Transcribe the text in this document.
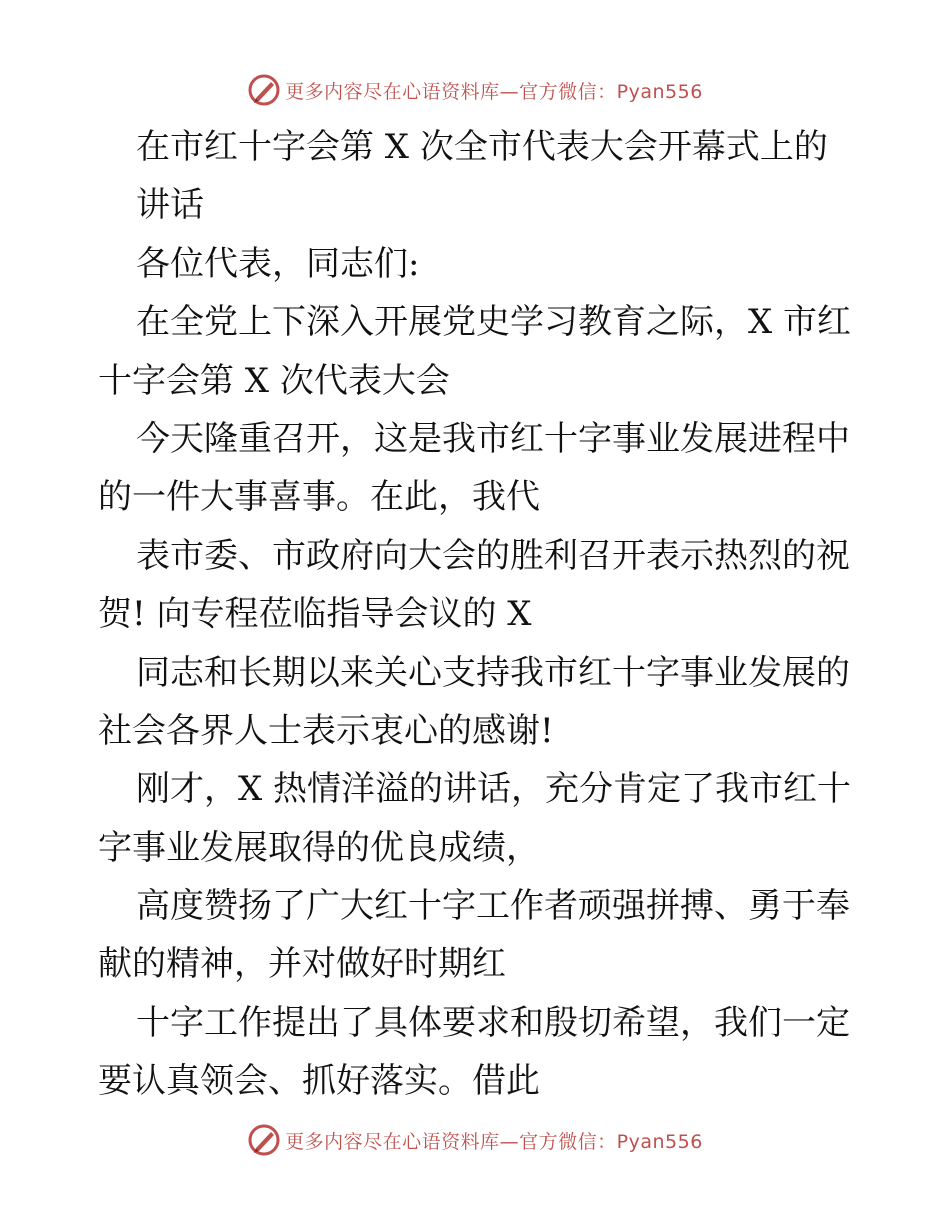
更多内容尽在心语资料库—官方微信：Pyan556
在市红十字会第 X 次全市代表大会开幕式上的
讲话
各位代表，同志们:
在全党上下深入开展党史学习教育之际，X 市红
十字会第 X 次代表大会
今天隆重召开，这是我市红十字事业发展进程中
的一件大事喜事。在此，我代
表市委、市政府向大会的胜利召开表示热烈的祝
贺! 向专程莅临指导会议的 X
同志和长期以来关心支持我市红十字事业发展的
社会各界人士表示衷心的感谢!
刚才，X 热情洋溢的讲话，充分肯定了我市红十
字事业发展取得的优良成绩，
高度赞扬了广大红十字工作者顽强拼搏、勇于奉
献的精神，并对做好时期红
十字工作提出了具体要求和殷切希望，我们一定
要认真领会、抓好落实。借此
更多内容尽在心语资料库—官方微信：Pyan556
